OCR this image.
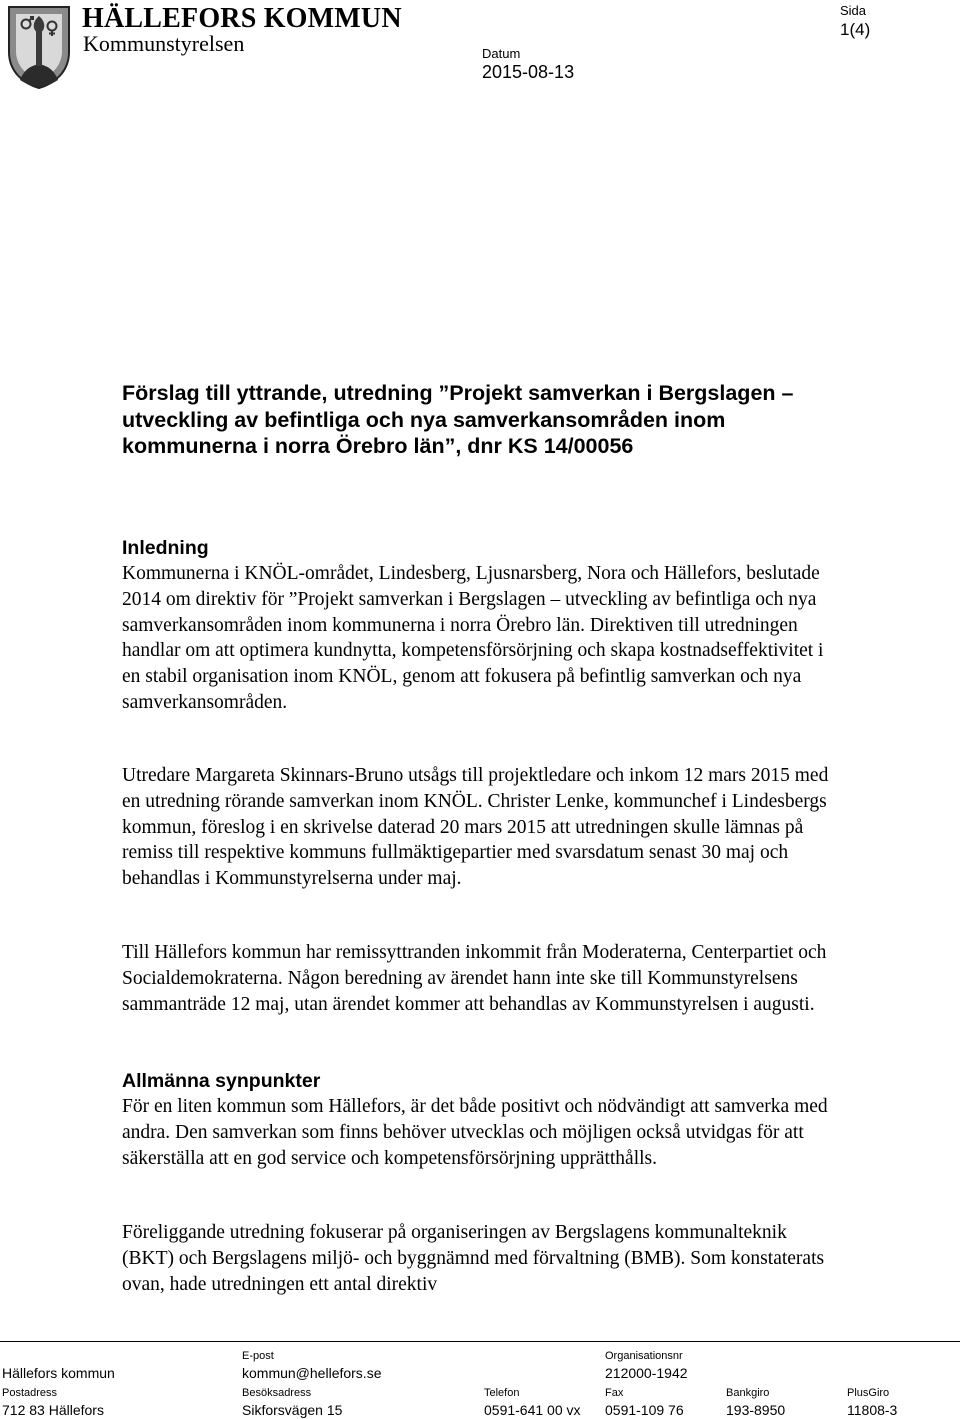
HÄLLEFORS KOMMUN
Kommunstyrelsen
Sida
1(4)
Datum
2015-08-13
Förslag till yttrande, utredning ”Projekt samverkan i Bergslagen – utveckling av befintliga och nya samverkansområden inom kommunerna i norra Örebro län”, dnr KS 14/00056
Inledning
Kommunerna i KNÖL-området, Lindesberg, Ljusnarsberg, Nora och Hällefors, beslutade 2014 om direktiv för ”Projekt samverkan i Bergslagen – utveckling av befintliga och nya samverkansområden inom kommunerna i norra Örebro län. Direktiven till utredningen handlar om att optimera kundnytta, kompetensförsörjning och skapa kostnadseffektivitet i en stabil organisation inom KNÖL, genom att fokusera på befintlig samverkan och nya samverkansområden.
Utredare Margareta Skinnars-Bruno utsågs till projektledare och inkom 12 mars 2015 med en utredning rörande samverkan inom KNÖL. Christer Lenke, kommunchef i Lindesbergs kommun, föreslog i en skrivelse daterad 20 mars 2015 att utredningen skulle lämnas på remiss till respektive kommuns fullmäktigepartier med svarsdatum senast 30 maj och behandlas i Kommunstyrelserna under maj.
Till Hällefors kommun har remissyttranden inkommit från Moderaterna, Centerpartiet och Socialdemokraterna. Någon beredning av ärendet hann inte ske till Kommunstyrelsens sammanträde 12 maj, utan ärendet kommer att behandlas av Kommunstyrelsen i augusti.
Allmänna synpunkter
För en liten kommun som Hällefors, är det både positivt och nödvändigt att samverka med andra. Den samverkan som finns behöver utvecklas och möjligen också utvidgas för att säkerställa att en god service och kompetensförsörjning upprätthålls.
Föreliggande utredning fokuserar på organiseringen av Bergslagens kommunalteknik (BKT) och Bergslagens miljö- och byggnämnd med förvaltning (BMB). Som konstaterats ovan, hade utredningen ett antal direktiv
Hällefors kommun
E-post
kommun@hellefors.se
Organisationsnr
212000-1942
Postadress
712 83 Hällefors
Besöksadress
Sikforsvägen 15
Telefon
0591-641 00 vx
Fax
0591-109 76
Bankgiro
193-8950
PlusGiro
11808-3
